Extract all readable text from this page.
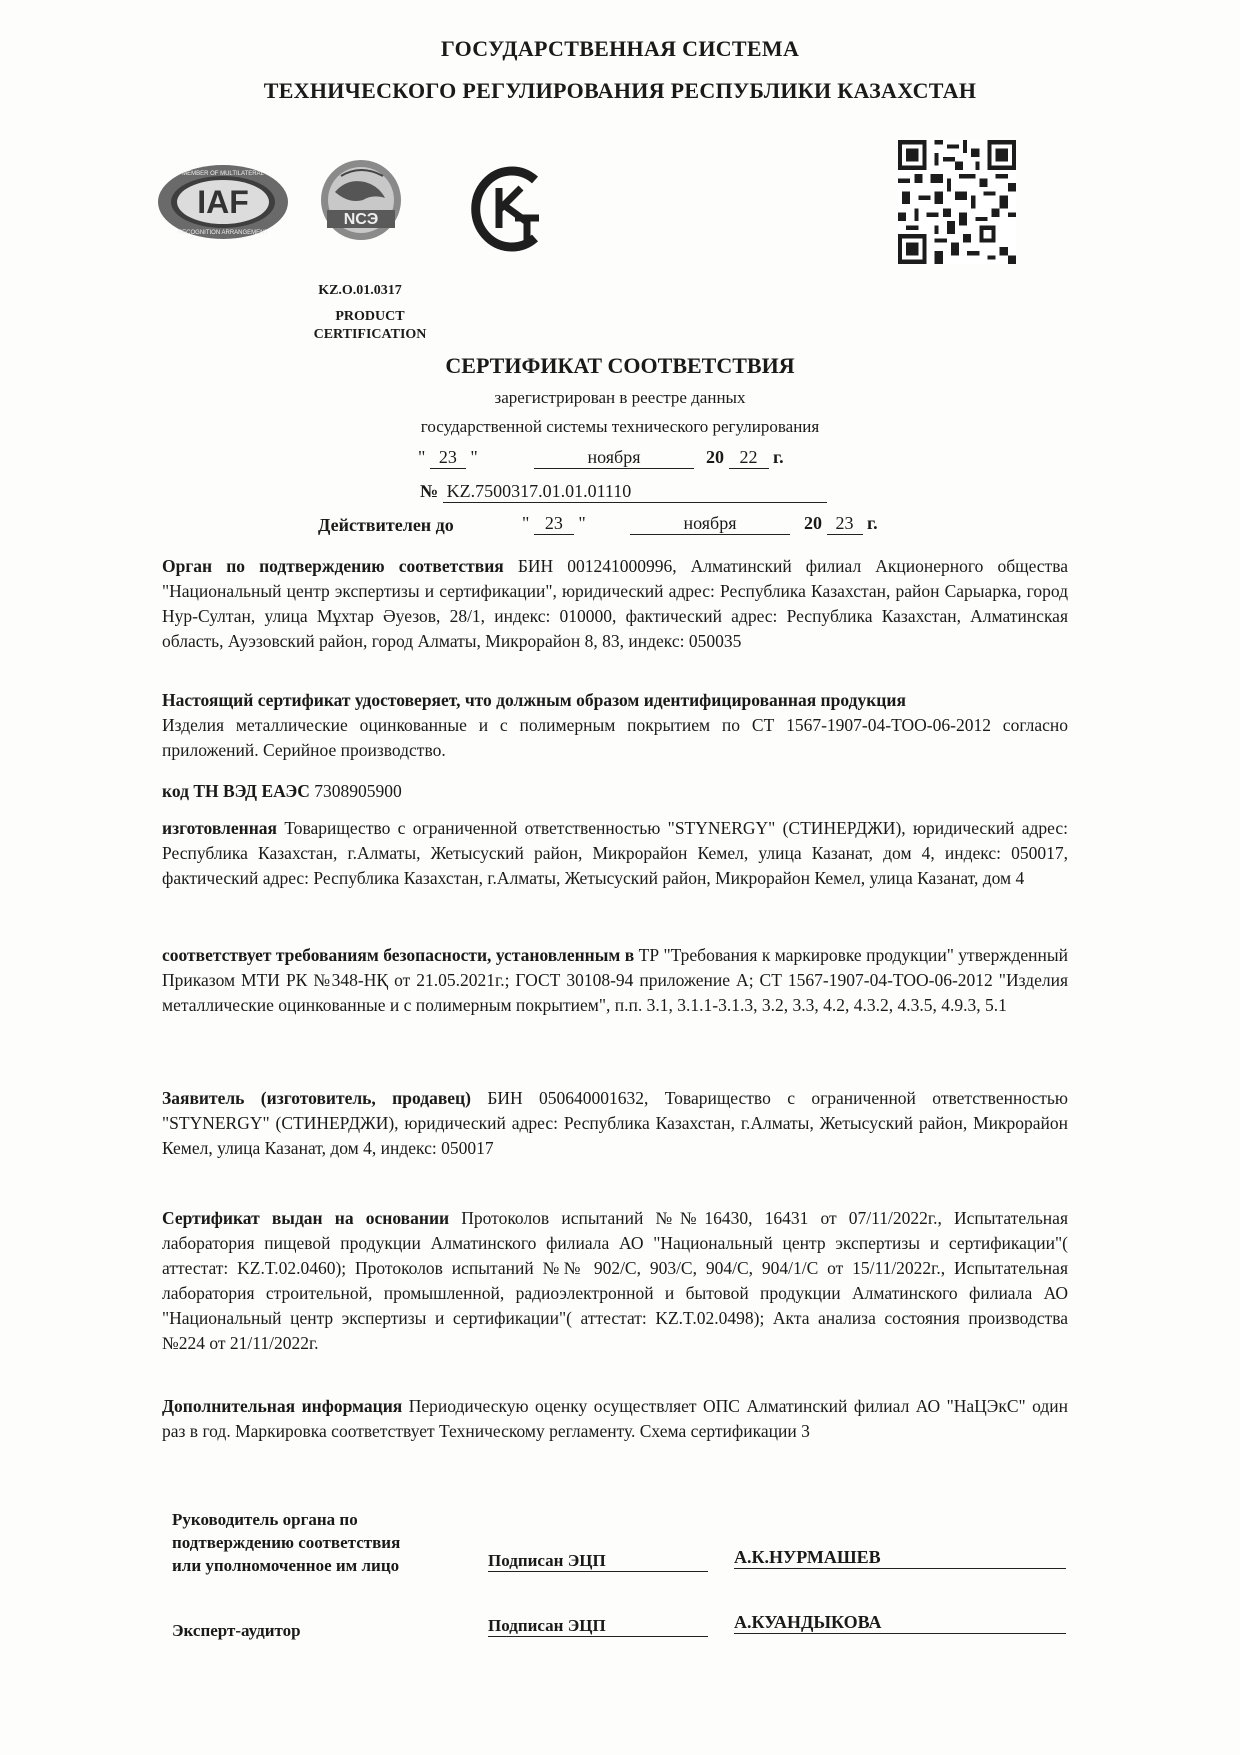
ГОСУДАРСТВЕННАЯ СИСТЕМА
ТЕХНИЧЕСКОГО РЕГУЛИРОВАНИЯ РЕСПУБЛИКИ КАЗАХСТАН
IAF
MEMBER OF MULTILATERAL
RECOGNITION ARRANGEMENT
NCЭ
KZ.O.01.0317
PRODUCT
CERTIFICATION
СЕРТИФИКАТ СООТВЕТСТВИЯ
зарегистрирован в реестре данных
государственной системы технического регулирования
" 23 "	ноября	20 22 г.
№ KZ.7500317.01.01.01110
Действителен до	" 23 "	ноября	20 23 г.
Орган по подтверждению соответствия БИН 001241000996, Алматинский филиал Акционерного общества "Национальный центр экспертизы и сертификации", юридический адрес: Республика Казахстан, район Сарыарка, город Нур-Султан, улица Мұхтар Әуезов, 28/1, индекс: 010000, фактический адрес: Республика Казахстан, Алматинская область, Ауэзовский район, город Алматы, Микрорайон 8, 83, индекс: 050035
Настоящий сертификат удостоверяет, что должным образом идентифицированная продукция
Изделия металлические оцинкованные и с полимерным покрытием по СТ 1567-1907-04-ТОО-06-2012 согласно приложений. Серийное производство.
код ТН ВЭД ЕАЭС 7308905900
изготовленная Товарищество с ограниченной ответственностью "STYNERGY" (СТИНЕРДЖИ), юридический адрес: Республика Казахстан, г.Алматы, Жетысуский район, Микрорайон Кемел, улица Казанат, дом 4, индекс: 050017, фактический адрес: Республика Казахстан, г.Алматы, Жетысуский район, Микрорайон Кемел, улица Казанат, дом 4
соответствует требованиям безопасности, установленным в ТР "Требования к маркировке продукции" утвержденный Приказом МТИ РК №348-НҚ от 21.05.2021г.; ГОСТ 30108-94 приложение А; СТ 1567-1907-04-ТОО-06-2012 "Изделия металлические оцинкованные и с полимерным покрытием", п.п. 3.1, 3.1.1-3.1.3, 3.2, 3.3, 4.2, 4.3.2, 4.3.5, 4.9.3, 5.1
Заявитель (изготовитель, продавец) БИН 050640001632, Товарищество с ограниченной ответственностью "STYNERGY" (СТИНЕРДЖИ), юридический адрес: Республика Казахстан, г.Алматы, Жетысуский район, Микрорайон Кемел, улица Казанат, дом 4, индекс: 050017
Сертификат выдан на основании Протоколов испытаний №№16430, 16431 от 07/11/2022г., Испытательная лаборатория пищевой продукции Алматинского филиала АО "Национальный центр экспертизы и сертификации"( аттестат: KZ.T.02.0460); Протоколов испытаний №№ 902/С, 903/С, 904/С, 904/1/С от 15/11/2022г., Испытательная лаборатория строительной, промышленной, радиоэлектронной и бытовой продукции Алматинского филиала АО "Национальный центр экспертизы и сертификации"( аттестат: KZ.T.02.0498); Акта анализа состояния производства №224 от 21/11/2022г.
Дополнительная информация Периодическую оценку осуществляет ОПС Алматинский филиал АО "НаЦЭкС" один раз в год. Маркировка соответствует Техническому регламенту. Схема сертификации 3
Руководитель органа по
подтверждению соответствия
или уполномоченное им лицо	Подписан ЭЦП	А.К.НУРМАШЕВ
Эксперт-аудитор	Подписан ЭЦП	А.КУАНДЫКОВА
